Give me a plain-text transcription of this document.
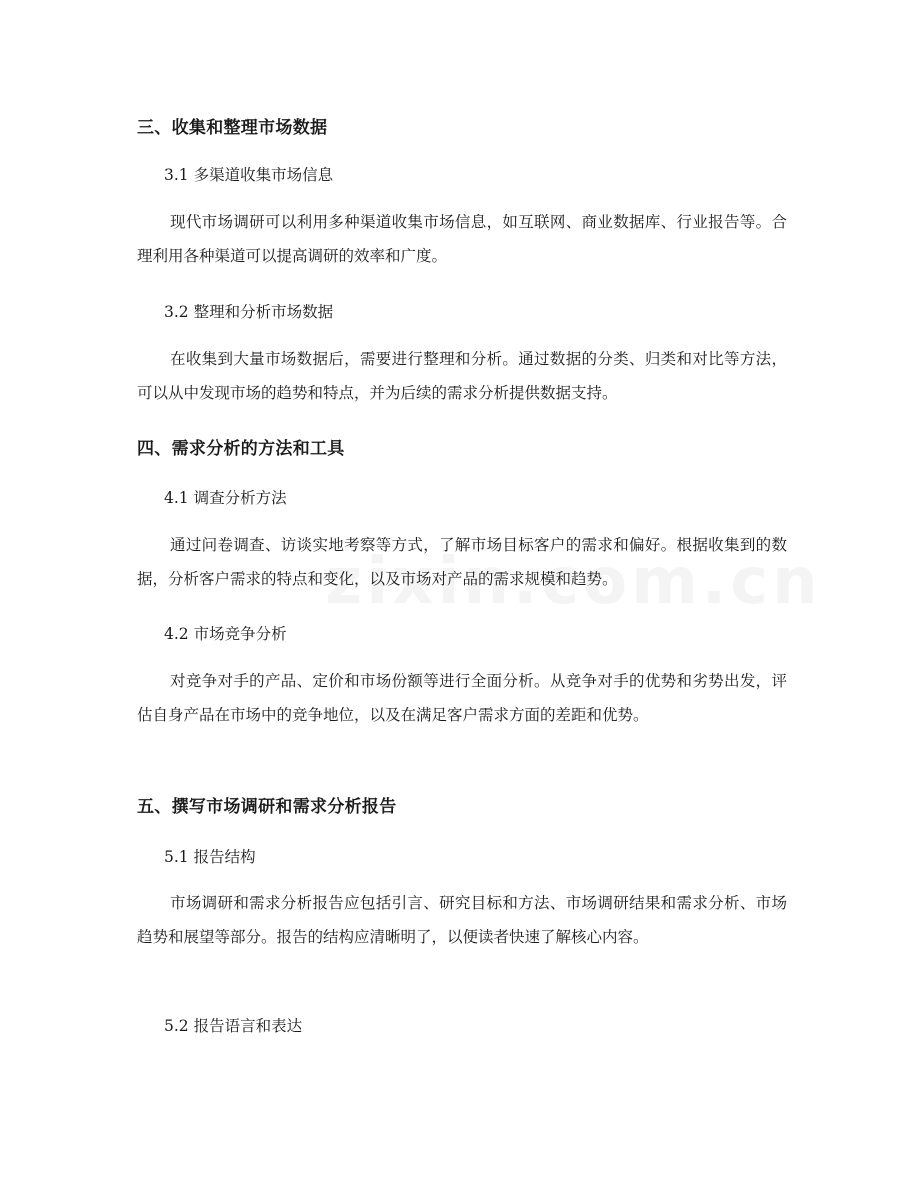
三、收集和整理市场数据
3.1 多渠道收集市场信息
现代市场调研可以利用多种渠道收集市场信息，如互联网、商业数据库、行业报告等。合理利用各种渠道可以提高调研的效率和广度。
3.2 整理和分析市场数据
在收集到大量市场数据后，需要进行整理和分析。通过数据的分类、归类和对比等方法，可以从中发现市场的趋势和特点，并为后续的需求分析提供数据支持。
四、需求分析的方法和工具
4.1 调查分析方法
通过问卷调查、访谈实地考察等方式，了解市场目标客户的需求和偏好。根据收集到的数据，分析客户需求的特点和变化，以及市场对产品的需求规模和趋势。
4.2 市场竞争分析
对竞争对手的产品、定价和市场份额等进行全面分析。从竞争对手的优势和劣势出发，评估自身产品在市场中的竞争地位，以及在满足客户需求方面的差距和优势。
五、撰写市场调研和需求分析报告
5.1 报告结构
市场调研和需求分析报告应包括引言、研究目标和方法、市场调研结果和需求分析、市场趋势和展望等部分。报告的结构应清晰明了，以便读者快速了解核心内容。
5.2 报告语言和表达
